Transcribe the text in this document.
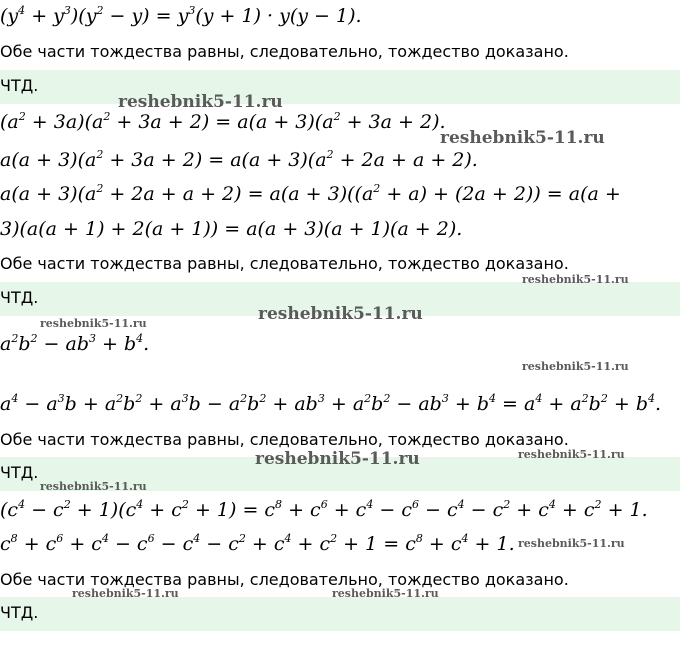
$(y^4 + y^3)(y^2 - y) = y^3(y + 1) \cdot y(y - 1)$.
Обе части тождества равны, следовательно, тождество доказано.
ЧТД.
$(a^2 + 3a)(a^2 + 3a + 2) = a(a + 3)(a^2 + 3a + 2)$.
$a(a + 3)(a^2 + 3a + 2) = a(a + 3)(a^2 + 2a + a + 2)$.
$a(a + 3)(a^2 + 2a + a + 2) = a(a + 3)((a^2 + a) + (2a + 2)) = a(a$ +
3)(a(a + 1) + 2(a + 1)) = a(a + 3)(a + 1)(a + 2).
Обе части тождества равны, следовательно, тождество доказано.
ЧТД.
$a^2b^2 - ab^3 + b^4$.
$a^4 - a^3b + a^2b^2 + a^3b - a^2b^2 + ab^3 + a^2b^2 - ab^3 + b^4 = a^4 + a^2b^2 + b^4$.
Обе части тождества равны, следовательно, тождество доказано.
ЧТД.
$(c^4 - c^2 + 1)(c^4 + c^2 + 1) = c^8 + c^6 + c^4 - c^6 - c^4 - c^2 + c^4 + c^2 + 1$.
$c^8 + c^6 + c^4 - c^6 - c^4 - c^2 + c^4 + c^2 + 1 = c^8 + c^4 + 1$.
Обе части тождества равны, следовательно, тождество доказано.
ЧТД.
reshebnik5-11.ru
reshebnik5-11.ru
reshebnik5-11.ru
reshebnik5-11.ru
reshebnik5-11.ru
reshebnik5-11.ru
reshebnik5-11.ru	reshebnik5-11.ru
reshebnik5-11.ru
reshebnik5-11.ru
reshebnik5-11.ru	reshebnik5-11.ru
